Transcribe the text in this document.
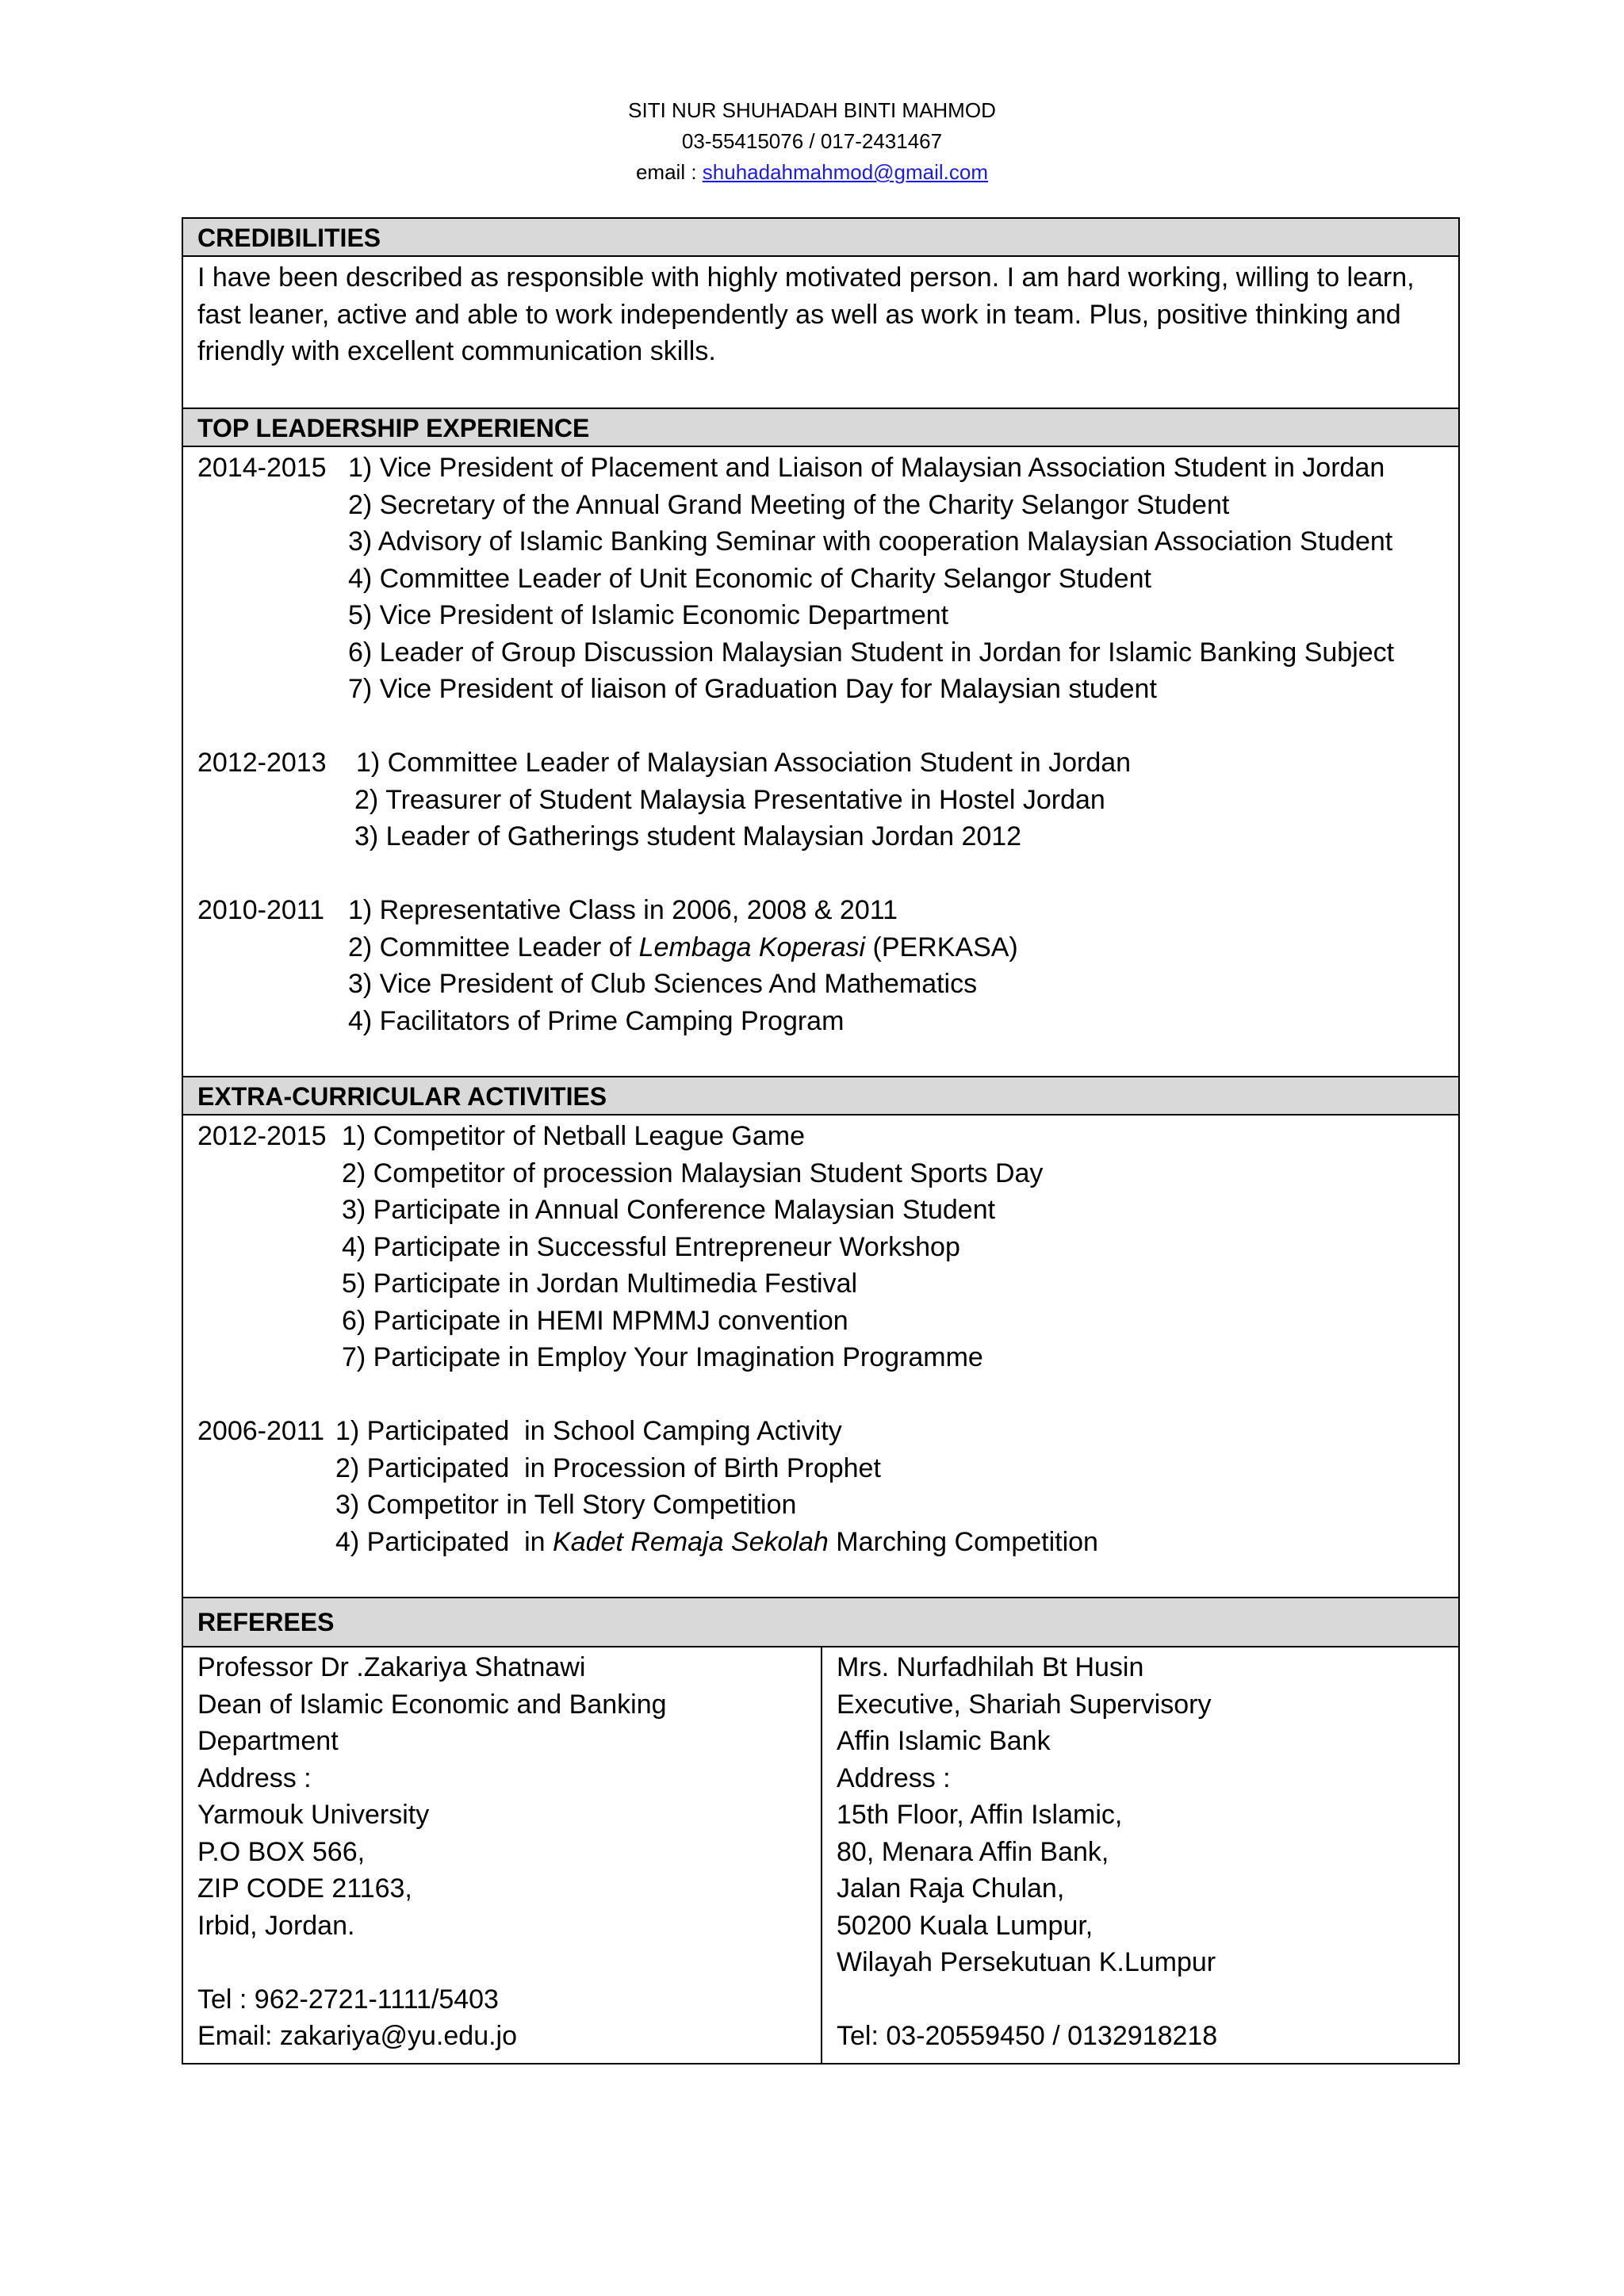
SITI NUR SHUHADAH BINTI MAHMOD
03-55415076 / 017-2431467
email : shuhadahmahmod@gmail.com
CREDIBILITIES

I have been described as responsible with highly motivated person. I am hard working, willing to learn, fast leaner, active and able to work independently as well as work in team. Plus, positive thinking and friendly with excellent communication skills.

TOP LEADERSHIP EXPERIENCE

2014-2015 1) Vice President of Placement and Liaison of Malaysian Association Student in Jordan

2) Secretary of the Annual Grand Meeting of the Charity Selangor Student

3) Advisory of Islamic Banking Seminar with cooperation Malaysian Association Student

4) Committee Leader of Unit Economic of Charity Selangor Student

5) Vice President of Islamic Economic Department

6) Leader of Group Discussion Malaysian Student in Jordan for Islamic Banking Subject

7) Vice President of liaison of Graduation Day for Malaysian student

2012-2013 1) Committee Leader of Malaysian Association Student in Jordan

2) Treasurer of Student Malaysia Presentative in Hostel Jordan

3) Leader of Gatherings student Malaysian Jordan 2012

2010-2011 1) Representative Class in 2006, 2008 & 2011

2) Committee Leader of Lembaga Koperasi (PERKASA)

3) Vice President of Club Sciences And Mathematics

4) Facilitators of Prime Camping Program

EXTRA-CURRICULAR ACTIVITIES

2012-2015 1) Competitor of Netball League Game

2) Competitor of procession Malaysian Student Sports Day

3) Participate in Annual Conference Malaysian Student

4) Participate in Successful Entrepreneur Workshop

5) Participate in Jordan Multimedia Festival

6) Participate in HEMI MPMMJ convention

7) Participate in Employ Your Imagination Programme

2006-2011 1) Participated  in School Camping Activity

2) Participated  in Procession of Birth Prophet

3) Competitor in Tell Story Competition

4) Participated  in Kadet Remaja Sekolah Marching Competition

REFEREES

Professor Dr .Zakariya Shatnawi

Dean of Islamic Economic and Banking

Department

Address :

Yarmouk University

P.O BOX 566,

ZIP CODE 21163,

Irbid, Jordan.

Tel : 962-2721-1111/5403

Email: zakariya@yu.edu.jo

Mrs. Nurfadhilah Bt Husin

Executive, Shariah Supervisory

Affin Islamic Bank

Address :

15th Floor, Affin Islamic,

80, Menara Affin Bank,

Jalan Raja Chulan,

50200 Kuala Lumpur,

Wilayah Persekutuan K.Lumpur

Tel: 03-20559450 / 0132918218
